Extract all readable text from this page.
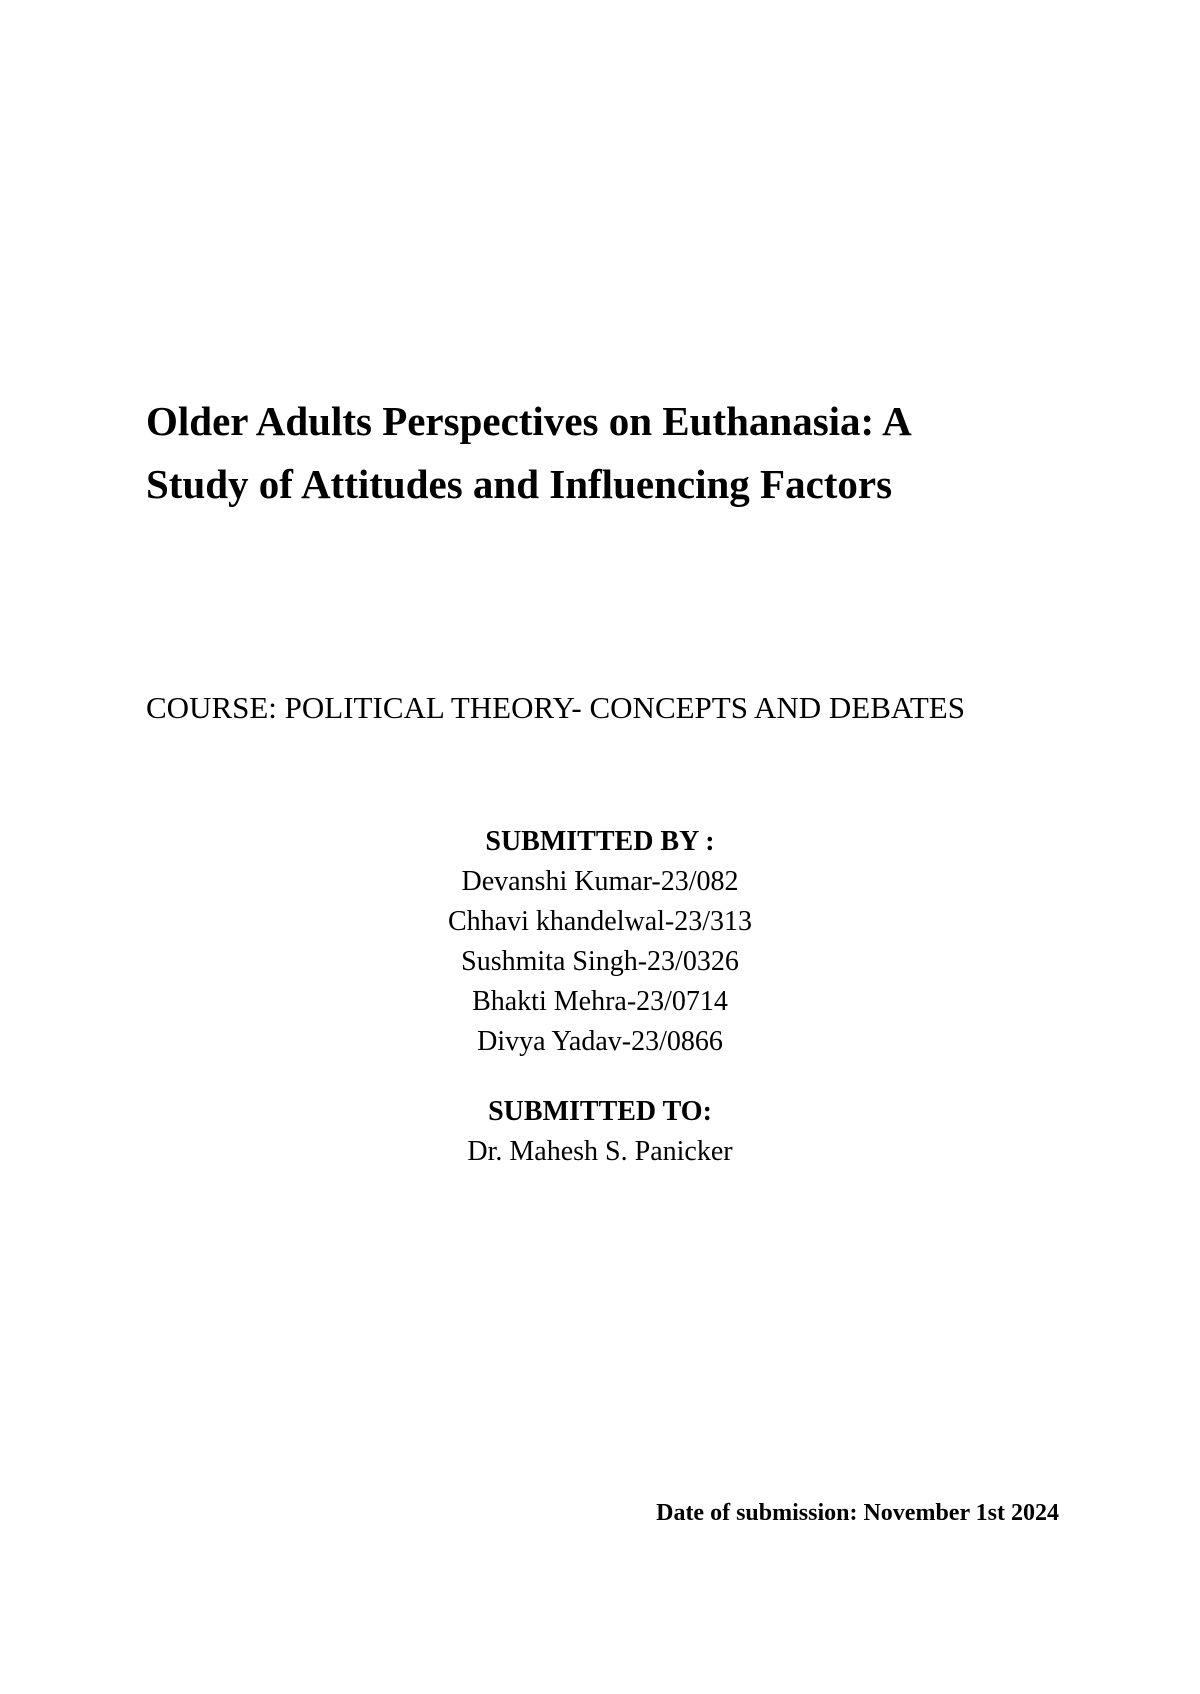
Older Adults Perspectives on Euthanasia: A
Study of Attitudes and Influencing Factors
COURSE: POLITICAL THEORY- CONCEPTS AND DEBATES
SUBMITTED BY :
Devanshi Kumar-23/082
Chhavi khandelwal-23/313
Sushmita Singh-23/0326
Bhakti Mehra-23/0714
Divya Yadav-23/0866
SUBMITTED TO:
Dr. Mahesh S. Panicker
Date of submission: November 1st 2024
